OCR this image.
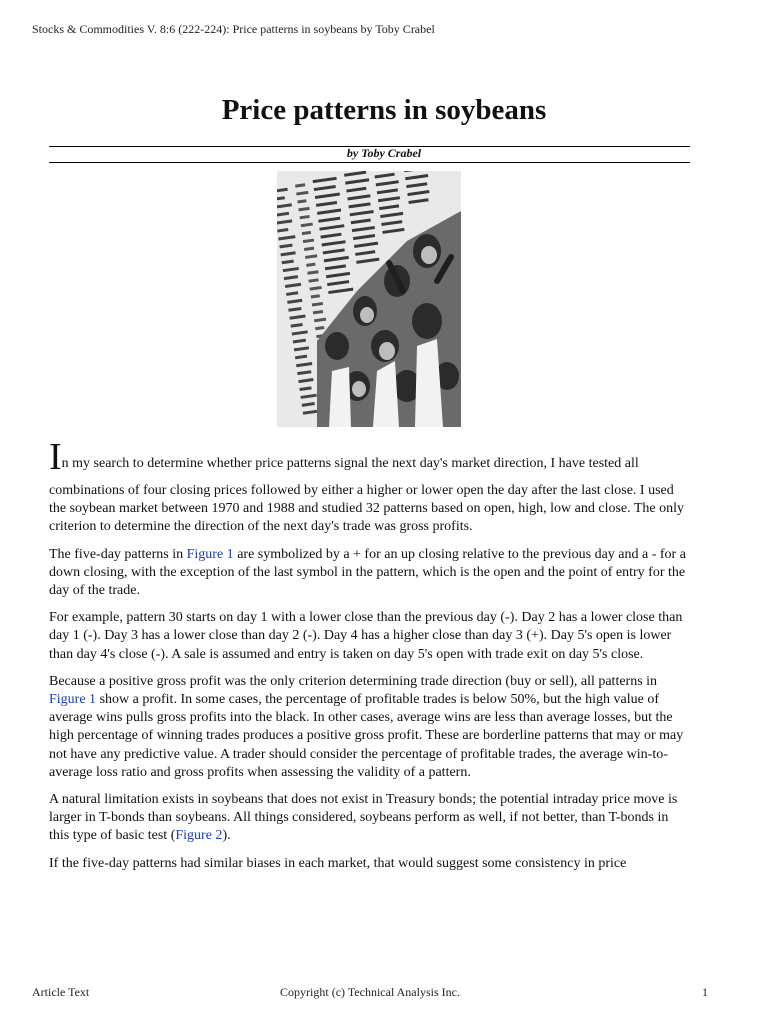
Stocks & Commodities V. 8:6 (222-224): Price patterns in soybeans by Toby Crabel
Price patterns in soybeans
by Toby Crabel

In my search to determine whether price patterns signal the next day's market direction, I have tested all
combinations of four closing prices followed by either a higher or lower open the day after the last close. I used the soybean market between 1970 and 1988 and studied 32 patterns based on open, high, low and close. The only criterion to determine the direction of the next day's trade was gross profits.

The five-day patterns in Figure 1 are symbolized by a + for an up closing relative to the previous day and a - for a down closing, with the exception of the last symbol in the pattern, which is the open and the point of entry for the day of the trade.

For example, pattern 30 starts on day 1 with a lower close than the previous day (-). Day 2 has a lower close than day 1 (-). Day 3 has a lower close than day 2 (-). Day 4 has a higher close than day 3 (+). Day 5's open is lower than day 4's close (-). A sale is assumed and entry is taken on day 5's open with trade exit on day 5's close.

Because a positive gross profit was the only criterion determining trade direction (buy or sell), all patterns in Figure 1 show a profit. In some cases, the percentage of profitable trades is below 50%, but the high value of average wins pulls gross profits into the black. In other cases, average wins are less than average losses, but the high percentage of winning trades produces a positive gross profit. These are borderline patterns that may or may not have any predictive value. A trader should consider the percentage of profitable trades, the average win-to-average loss ratio and gross profits when assessing the validity of a pattern.

A natural limitation exists in soybeans that does not exist in Treasury bonds; the potential intraday price move is larger in T-bonds than soybeans. All things considered, soybeans perform as well, if not better, than T-bonds in this type of basic test (Figure 2).

If the five-day patterns had similar biases in each market, that would suggest some consistency in price

Article Text	Copyright (c) Technical Analysis Inc.	1
